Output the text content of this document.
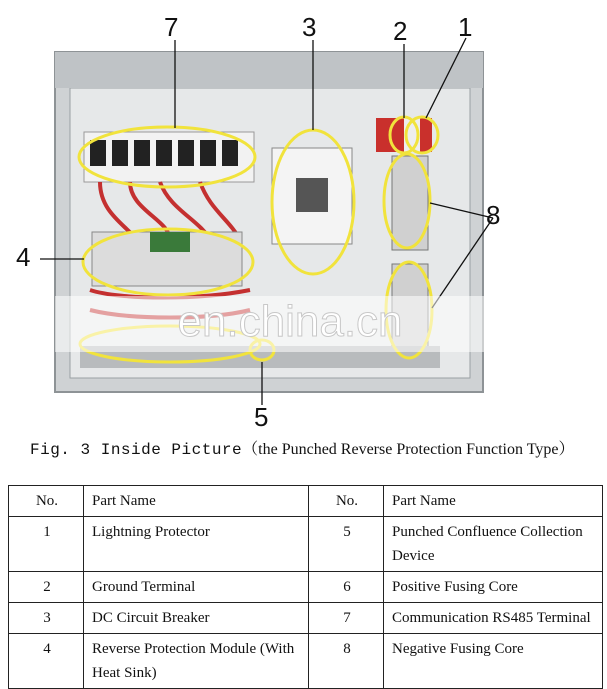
en.china.cn
7	3	2 1
4
8
5
Fig. 3 Inside Picture（the Punched Reverse Protection Function Type）
No.	Part Name	No.	Part Name
1	Lightning Protector	5	Punched Confluence Collection Device
2	Ground Terminal	6	Positive Fusing Core
3	DC Circuit Breaker	7	Communication RS485 Terminal
4	Reverse Protection Module (With Heat Sink)	8	Negative Fusing Core
